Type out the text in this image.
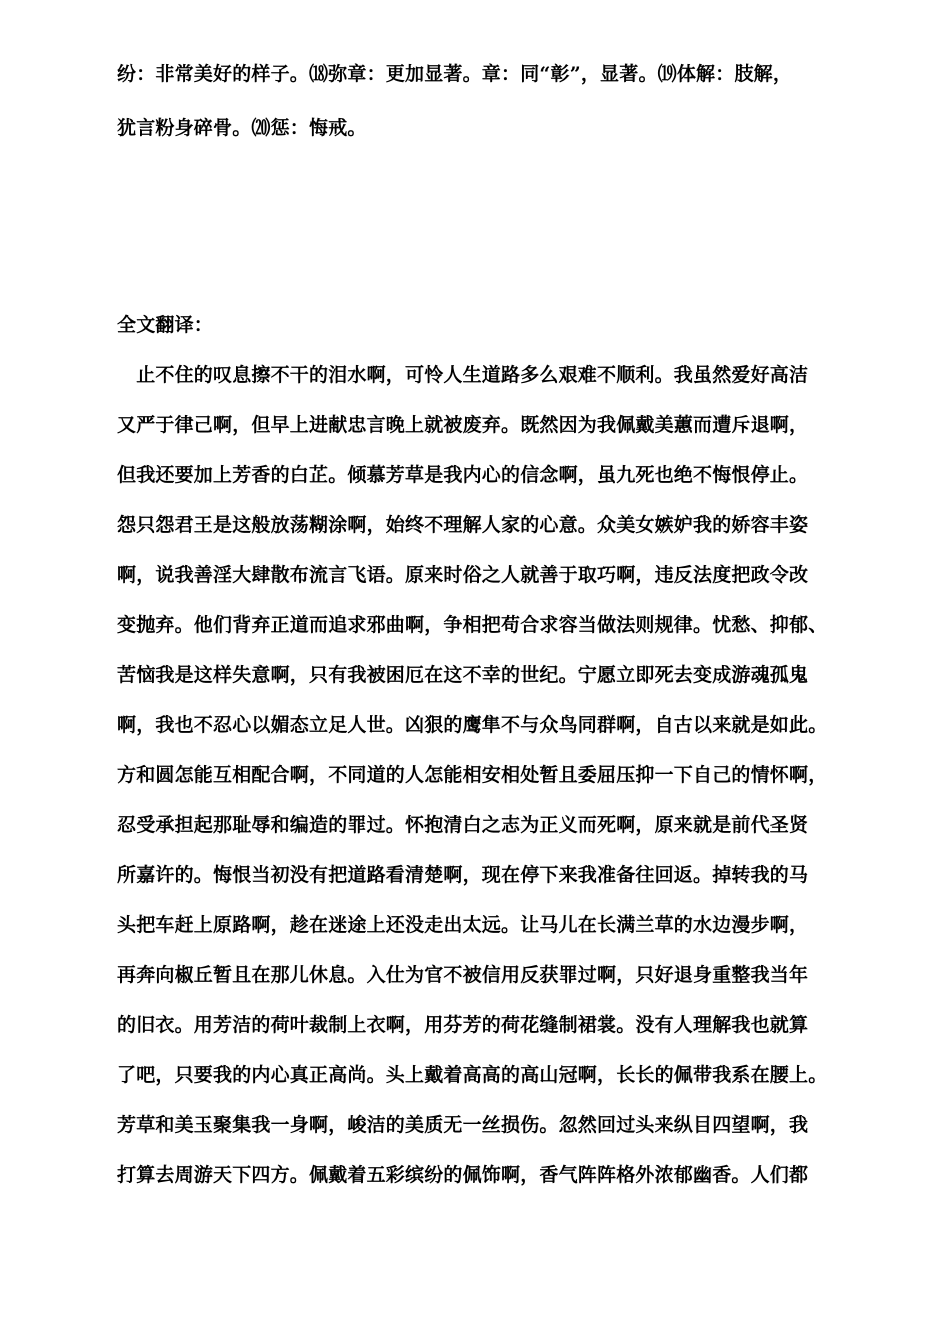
纷：非常美好的样子。⒅弥章：更加显著。章：同“彰”，显著。⒆体解：肢解，
犹言粉身碎骨。⒇惩：悔戒。
全文翻译：
　止不住的叹息擦不干的泪水啊，可怜人生道路多么艰难不顺利。我虽然爱好高洁
又严于律己啊，但早上进献忠言晚上就被废弃。既然因为我佩戴美蕙而遭斥退啊，
但我还要加上芳香的白芷。倾慕芳草是我内心的信念啊，虽九死也绝不悔恨停止。
怨只怨君王是这般放荡糊涂啊，始终不理解人家的心意。众美女嫉妒我的娇容丰姿
啊，说我善淫大肆散布流言飞语。原来时俗之人就善于取巧啊，违反法度把政令改
变抛弃。他们背弃正道而追求邪曲啊，争相把苟合求容当做法则规律。忧愁、抑郁、
苦恼我是这样失意啊，只有我被困厄在这不幸的世纪。宁愿立即死去变成游魂孤鬼
啊，我也不忍心以媚态立足人世。凶狠的鹰隼不与众鸟同群啊，自古以来就是如此。
方和圆怎能互相配合啊，不同道的人怎能相安相处暂且委屈压抑一下自己的情怀啊，
忍受承担起那耻辱和编造的罪过。怀抱清白之志为正义而死啊，原来就是前代圣贤
所嘉许的。悔恨当初没有把道路看清楚啊，现在停下来我准备往回返。掉转我的马
头把车赶上原路啊，趁在迷途上还没走出太远。让马儿在长满兰草的水边漫步啊，
再奔向椒丘暂且在那儿休息。入仕为官不被信用反获罪过啊，只好退身重整我当年
的旧衣。用芳洁的荷叶裁制上衣啊，用芬芳的荷花缝制裙裳。没有人理解我也就算
了吧，只要我的内心真正高尚。头上戴着高高的高山冠啊，长长的佩带我系在腰上。
芳草和美玉聚集我一身啊，峻洁的美质无一丝损伤。忽然回过头来纵目四望啊，我
打算去周游天下四方。佩戴着五彩缤纷的佩饰啊，香气阵阵格外浓郁幽香。人们都
